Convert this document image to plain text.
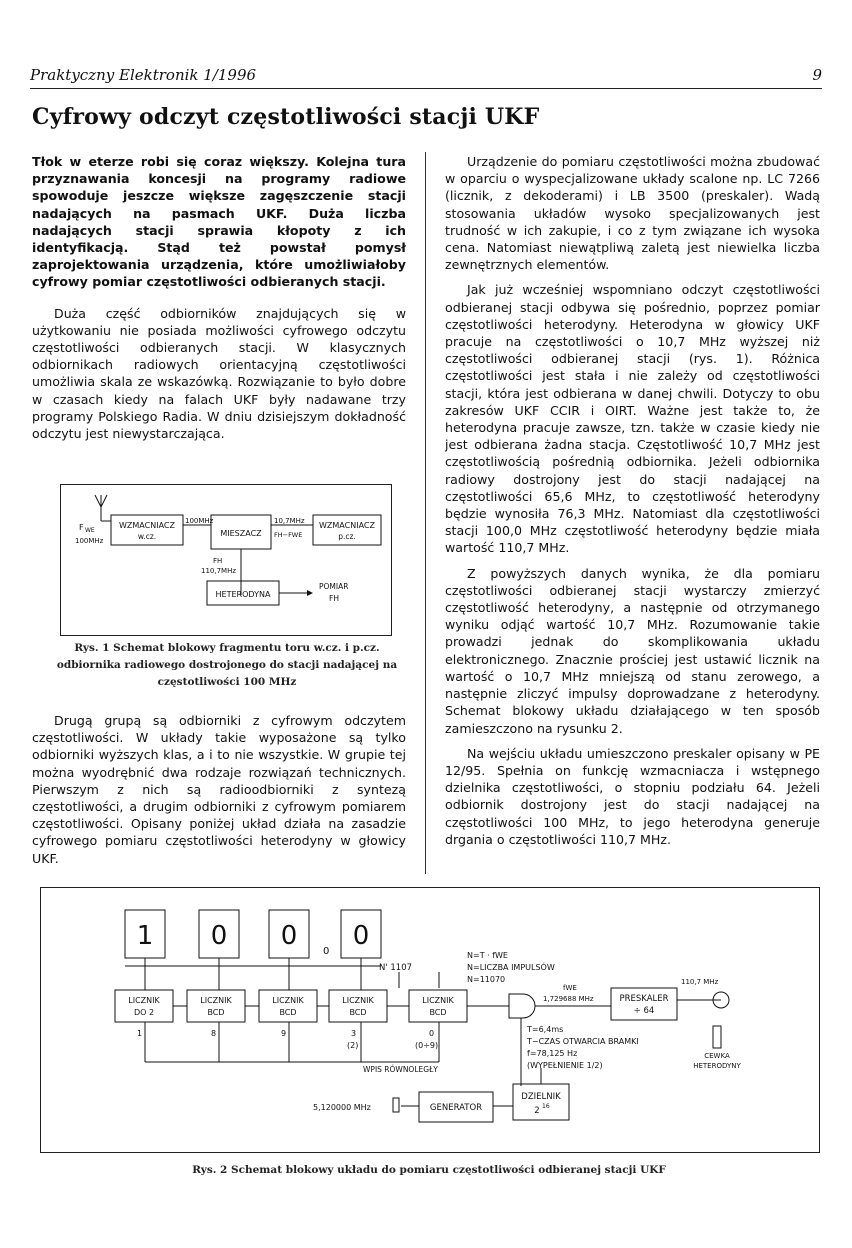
Praktyczny Elektronik 1/1996	9
Cyfrowy odczyt częstotliwości stacji UKF

Tłok w eterze robi się coraz większy. Kolejna tura przyznawania koncesji na programy radiowe spowoduje jeszcze większe zagęszczenie stacji nadających na pasmach UKF. Duża liczba nadających stacji sprawia kłopoty z ich identyfikacją. Stąd też powstał pomysł zaprojektowania urządzenia, które umożliwiałoby cyfrowy pomiar częstotliwości odbieranych stacji.

Duża część odbiorników znajdujących się w użytkowaniu nie posiada możliwości cyfrowego odczytu częstotliwości odbieranych stacji. W klasycznych odbiornikach radiowych orientacyjną częstotliwości umożliwia skala ze wskazówką. Rozwiązanie to było dobre w czasach kiedy na falach UKF były nadawane trzy programy Polskiego Radia. W dniu dzisiejszym dokładność odczytu jest niewystarczająca.

F WE
100MHz
WZMACNIACZ
w.cz.
100MHz
MIESZACZ
10,7MHz
FH−FWE
WZMACNIACZ
p.cz.
FH
110,7MHz
HETERODYNA
POMIAR
FH
Rys. 1 Schemat blokowy fragmentu toru w.cz. i p.cz. odbiornika radiowego dostrojonego do stacji nadającej na częstotliwości 100 MHz

Drugą grupą są odbiorniki z cyfrowym odczytem częstotliwości. W układy takie wyposażone są tylko odbiorniki wyższych klas, a i to nie wszystkie. W grupie tej można wyodrębnić dwa rodzaje rozwiązań technicznych. Pierwszym z nich są radioodbiorniki z syntezą częstotliwości, a drugim odbiorniki z cyfrowym pomiarem częstotliwości. Opisany poniżej układ działa na zasadzie cyfrowego pomiaru częstotliwości heterodyny w głowicy UKF.

Urządzenie do pomiaru częstotliwości można zbudować w oparciu o wyspecjalizowane układy scalone np. LC 7266 (licznik, z dekoderami) i LB 3500 (preskaler). Wadą stosowania układów wysoko specjalizowanych jest trudność w ich zakupie, i co z tym związane ich wysoka cena. Natomiast niewątpliwą zaletą jest niewielka liczba zewnętrznych elementów.

Jak już wcześniej wspomniano odczyt częstotliwości odbieranej stacji odbywa się pośrednio, poprzez pomiar częstotliwości heterodyny. Heterodyna w głowicy UKF pracuje na częstotliwości o 10,7 MHz wyższej niż częstotliwości odbieranej stacji (rys. 1). Różnica częstotliwości jest stała i nie zależy od częstotliwości stacji, która jest odbierana w danej chwili. Dotyczy to obu zakresów UKF CCIR i OIRT. Ważne jest także to, że heterodyna pracuje zawsze, tzn. także w czasie kiedy nie jest odbierana żadna stacja. Częstotliwość 10,7 MHz jest częstotliwością pośrednią odbiornika. Jeżeli odbiornika radiowy dostrojony jest do stacji nadającej na częstotliwości 65,6 MHz, to częstotliwość heterodyny będzie wynosiła 76,3 MHz. Natomiast dla częstotliwości stacji 100,0 MHz częstotliwość heterodyny będzie miała wartość 110,7 MHz.

Z powyższych danych wynika, że dla pomiaru częstotliwości odbieranej stacji wystarczy zmierzyć częstotliwość heterodyny, a następnie od otrzymanego wyniku odjąć wartość 10,7 MHz. Rozumowanie takie prowadzi jednak do skomplikowania układu elektronicznego. Znacznie prościej jest ustawić licznik na wartość o 10,7 MHz mniejszą od stanu zerowego, a następnie zliczyć impulsy doprowadzane z heterodyny. Schemat blokowy układu działającego w ten sposób zamieszczono na rysunku 2.

Na wejściu układu umieszczono preskaler opisany w PE 12/95. Spełnia on funkcję wzmacniacza i wstępnego dzielnika częstotliwości, o stopniu podziału 64. Jeżeli odbiornik dostrojony jest do stacji nadającej na częstotliwości 100 MHz, to jego heterodyna generuje drgania o częstotliwości 110,7 MHz.

1 0 0 0
0
LICZNIK
DO 2
LICZNIK
BCD
LICZNIK
BCD
LICZNIK
BCD
LICZNIK
BCD
1	8	9	3
(2)
0
(0÷9)
N' 1107
N=T · fWE
N=LICZBA IMPULSÓW
N=11070
fWE
1,729688 MHz	PRESKALER
÷ 64
110,7 MHz
CEWKA
HETERODYNY
T=6,4ms
T−CZAS OTWARCIA BRAMKI
f=78,125 Hz
(WYPEŁNIENIE 1/2)
WPIS RÓWNOLEGŁY
5,120000 MHz	GENERATOR
DZIELNIK
2 16
Rys. 2 Schemat blokowy układu do pomiaru częstotliwości odbieranej stacji UKF
